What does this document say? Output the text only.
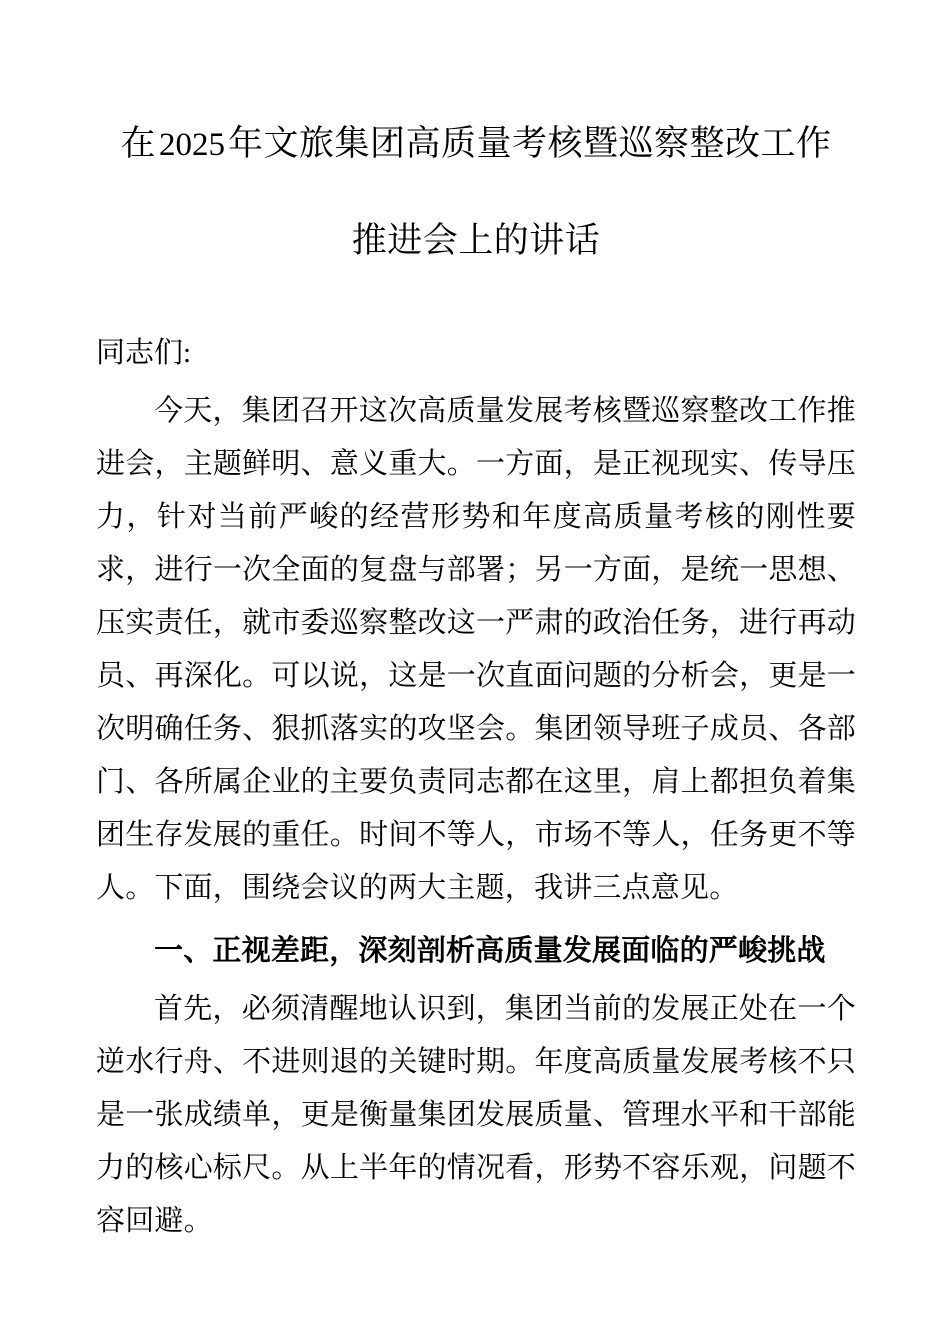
在2025年文旅集团高质量考核暨巡察整改工作
推进会上的讲话

同志们:

今天，集团召开这次高质量发展考核暨巡察整改工作推进会，主题鲜明、意义重大。一方面，是正视现实、传导压力，针对当前严峻的经营形势和年度高质量考核的刚性要求，进行一次全面的复盘与部署；另一方面，是统一思想、压实责任，就市委巡察整改这一严肃的政治任务，进行再动员、再深化。可以说，这是一次直面问题的分析会，更是一次明确任务、狠抓落实的攻坚会。集团领导班子成员、各部门、各所属企业的主要负责同志都在这里，肩上都担负着集团生存发展的重任。时间不等人，市场不等人，任务更不等人。下面，围绕会议的两大主题，我讲三点意见。

一、正视差距，深刻剖析高质量发展面临的严峻挑战

首先，必须清醒地认识到，集团当前的发展正处在一个逆水行舟、不进则退的关键时期。年度高质量发展考核不只是一张成绩单，更是衡量集团发展质量、管理水平和干部能力的核心标尺。从上半年的情况看，形势不容乐观，问题不容回避。
